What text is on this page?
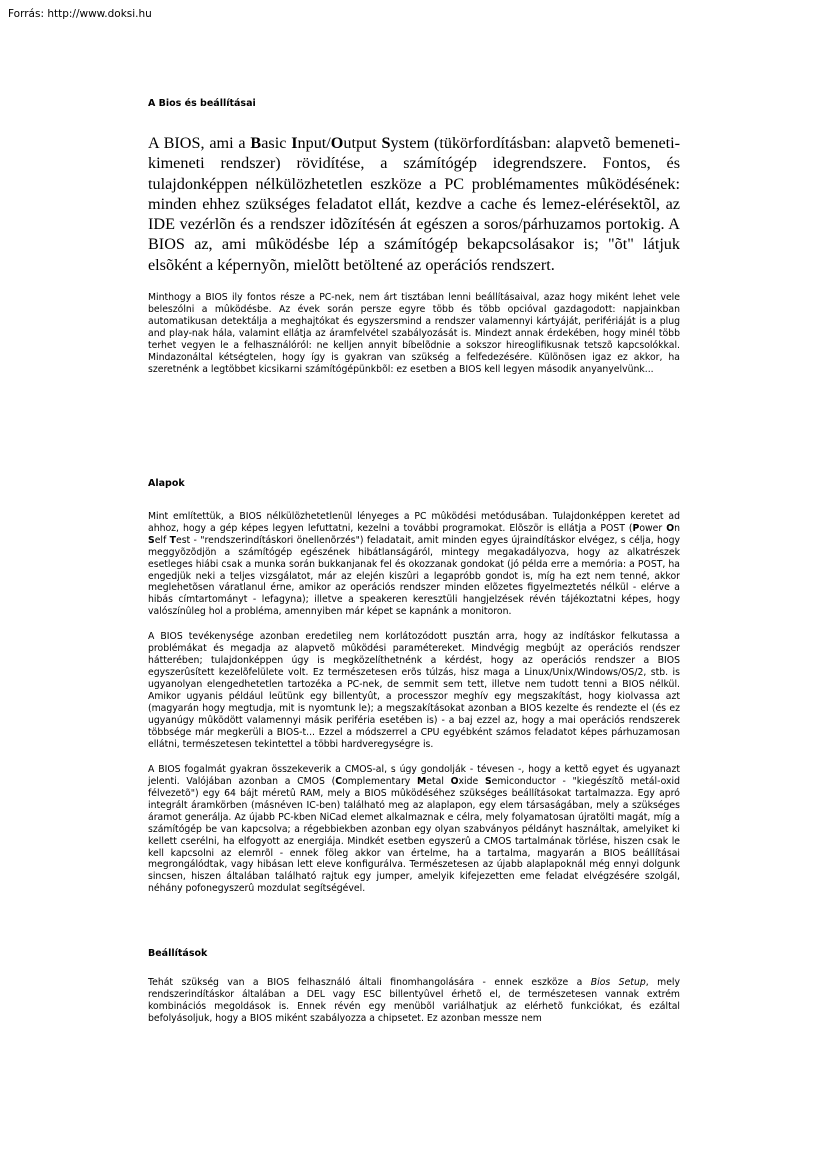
Forrás: http://www.doksi.hu

A Bios és beállításai

A BIOS, ami a Basic Input/Output System (tükörfordításban: alapvetõ bemeneti-kimeneti rendszer) rövidítése, a számítógép idegrendszere. Fontos, és tulajdonképpen nélkülözhetetlen eszköze a PC problémamentes mûködésének: minden ehhez szükséges feladatot ellát, kezdve a cache és lemez-elérésektõl, az IDE vezérlõn és a rendszer idõzítésén át egészen a soros/párhuzamos portokig. A BIOS az, ami mûködésbe lép a számítógép bekapcsolásakor is; "õt" látjuk elsõként a képernyõn, mielõtt betöltené az operációs rendszert.

Minthogy a BIOS ily fontos része a PC-nek, nem árt tisztában lenni beállításaival, azaz hogy miként lehet vele beleszólni a mûködésbe. Az évek során persze egyre több és több opcióval gazdagodott: napjainkban automatikusan detektálja a meghajtókat és egyszersmind a rendszer valamennyi kártyáját, perifériáját is a plug and play-nak hála, valamint ellátja az áramfelvétel szabályozását is. Mindezt annak érdekében, hogy minél több terhet vegyen le a felhasználóról: ne kelljen annyit bíbelõdnie a sokszor hireoglifikusnak tetszõ kapcsolókkal. Mindazonáltal kétségtelen, hogy így is gyakran van szükség a felfedezésére. Különösen igaz ez akkor, ha szeretnénk a legtöbbet kicsikarni számítógépünkbõl: ez esetben a BIOS kell legyen második anyanyelvünk...

Alapok

Mint említettük, a BIOS nélkülözhetetlenül lényeges a PC mûködési metódusában. Tulajdonképpen keretet ad ahhoz, hogy a gép képes legyen lefuttatni, kezelni a további programokat. Elõször is ellátja a POST (Power On Self Test - "rendszerindításkori önellenõrzés") feladatait, amit minden egyes újraindításkor elvégez, s célja, hogy meggyõzõdjön a számítógép egészének hibátlanságáról, mintegy megakadályozva, hogy az alkatrészek esetleges hiábi csak a munka során bukkanjanak fel és okozzanak gondokat (jó példa erre a memória: a POST, ha engedjük neki a teljes vizsgálatot, már az elején kiszûri a legapróbb gondot is, míg ha ezt nem tenné, akkor meglehetõsen váratlanul érne, amikor az operációs rendszer minden elõzetes figyelmeztetés nélkül - elérve a hibás címtartományt - lefagyna); illetve a speakeren keresztüli hangjelzések révén tájékoztatni képes, hogy valószínûleg hol a probléma, amennyiben már képet se kapnánk a monitoron.

A BIOS tevékenysége azonban eredetileg nem korlátozódott pusztán arra, hogy az indításkor felkutassa a problémákat és megadja az alapvetõ mûködési paramétereket. Mindvégig megbújt az operációs rendszer hátterében; tulajdonképpen úgy is megközelíthetnénk a kérdést, hogy az operációs rendszer a BIOS egyszerûsített kezelõfelülete volt. Ez természetesen erõs túlzás, hisz maga a Linux/Unix/Windows/OS/2, stb. is ugyanolyan elengedhetetlen tartozéka a PC-nek, de semmit sem tett, illetve nem tudott tenni a BIOS nélkül. Amikor ugyanis például leütünk egy billentyût, a processzor meghív egy megszakítást, hogy kiolvassa azt (magyarán hogy megtudja, mit is nyomtunk le); a megszakításokat azonban a BIOS kezelte és rendezte el (és ez ugyanúgy mûködött valamennyi másik periféria esetében is) - a baj ezzel az, hogy a mai operációs rendszerek többsége már megkerüli a BIOS-t... Ezzel a módszerrel a CPU egyébként számos feladatot képes párhuzamosan ellátni, természetesen tekintettel a többi hardveregységre is.

A BIOS fogalmát gyakran összekeverik a CMOS-al, s úgy gondolják - tévesen -, hogy a kettõ egyet és ugyanazt jelenti. Valójában azonban a CMOS (Complementary Metal Oxide Semiconductor - "kiegészítõ metál-oxid félvezetõ") egy 64 bájt méretû RAM, mely a BIOS mûködéséhez szükséges beállításokat tartalmazza. Egy apró integrált áramkörben (másnéven IC-ben) található meg az alaplapon, egy elem társaságában, mely a szükséges áramot generálja. Az újabb PC-kben NiCad elemet alkalmaznak e célra, mely folyamatosan újratölti magát, míg a számítógép be van kapcsolva; a régebbiekben azonban egy olyan szabványos példányt használtak, amelyiket ki kellett cserélni, ha elfogyott az energiája. Mindkét esetben egyszerû a CMOS tartalmának törlése, hiszen csak le kell kapcsolni az elemrõl - ennek föleg akkor van értelme, ha a tartalma, magyarán a BIOS beállításai megrongálódtak, vagy hibásan lett eleve konfigurálva. Természetesen az újabb alaplapoknál még ennyi dolgunk sincsen, hiszen általában található rajtuk egy jumper, amelyik kifejezetten eme feladat elvégzésére szolgál, néhány pofonegyszerû mozdulat segítségével.

Beállítások

Tehát szükség van a BIOS felhasználó általi finomhangolására - ennek eszköze a Bios Setup, mely rendszerindításkor általában a DEL vagy ESC billentyûvel érhetõ el, de természetesen vannak extrém kombinációs megoldások is. Ennek révén egy menübõl variálhatjuk az elérhetõ funkciókat, és ezáltal befolyásoljuk, hogy a BIOS miként szabályozza a chipsetet. Ez azonban messze nem
